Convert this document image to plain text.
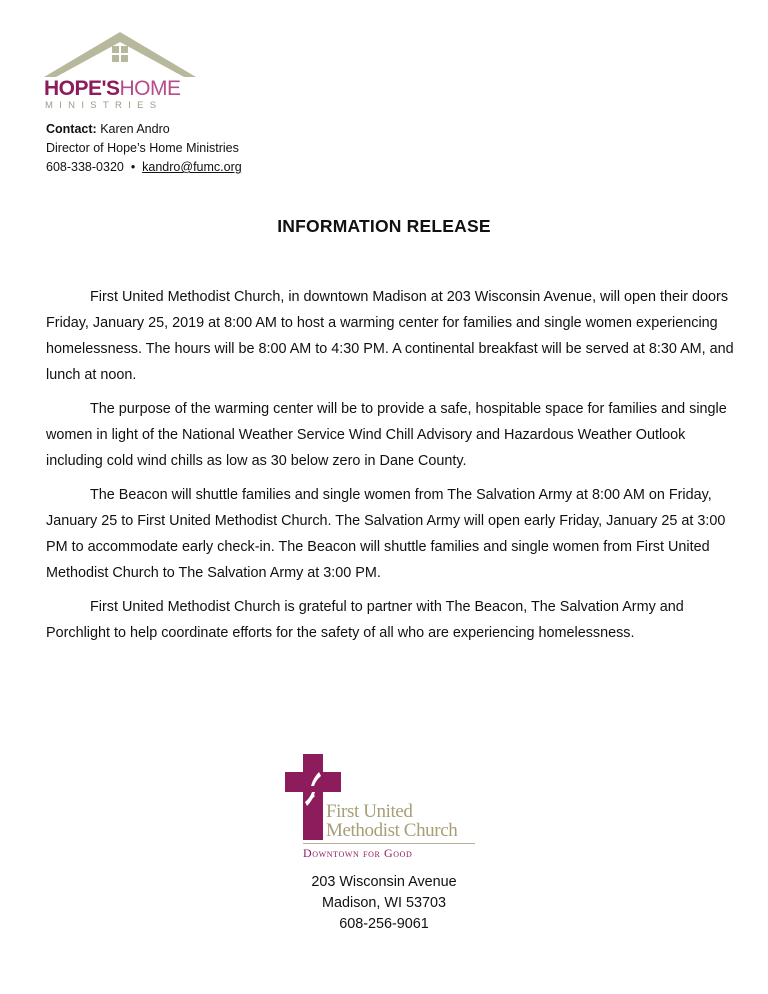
HOPE'SHOME
MINISTRIES
Contact: Karen Andro
Director of Hope’s Home Ministries
608-338-0320 • kandro@fumc.org
INFORMATION RELEASE

First United Methodist Church, in downtown Madison at 203 Wisconsin Avenue, will open their doors Friday, January 25, 2019 at 8:00 AM to host a warming center for families and single women experiencing homelessness. The hours will be 8:00 AM to 4:30 PM. A continental breakfast will be served at 8:30 AM, and lunch at noon.

The purpose of the warming center will be to provide a safe, hospitable space for families and single women in light of the National Weather Service Wind Chill Advisory and Hazardous Weather Outlook including cold wind chills as low as 30 below zero in Dane County.

The Beacon will shuttle families and single women from The Salvation Army at 8:00 AM on Friday, January 25 to First United Methodist Church. The Salvation Army will open early Friday, January 25 at 3:00 PM to accommodate early check-in. The Beacon will shuttle families and single women from First United Methodist Church to The Salvation Army at 3:00 PM.

First United Methodist Church is grateful to partner with The Beacon, The Salvation Army and Porchlight to help coordinate efforts for the safety of all who are experiencing homelessness.

First United
Methodist Church
Downtown for Good
203 Wisconsin Avenue
Madison, WI 53703
608-256-9061
